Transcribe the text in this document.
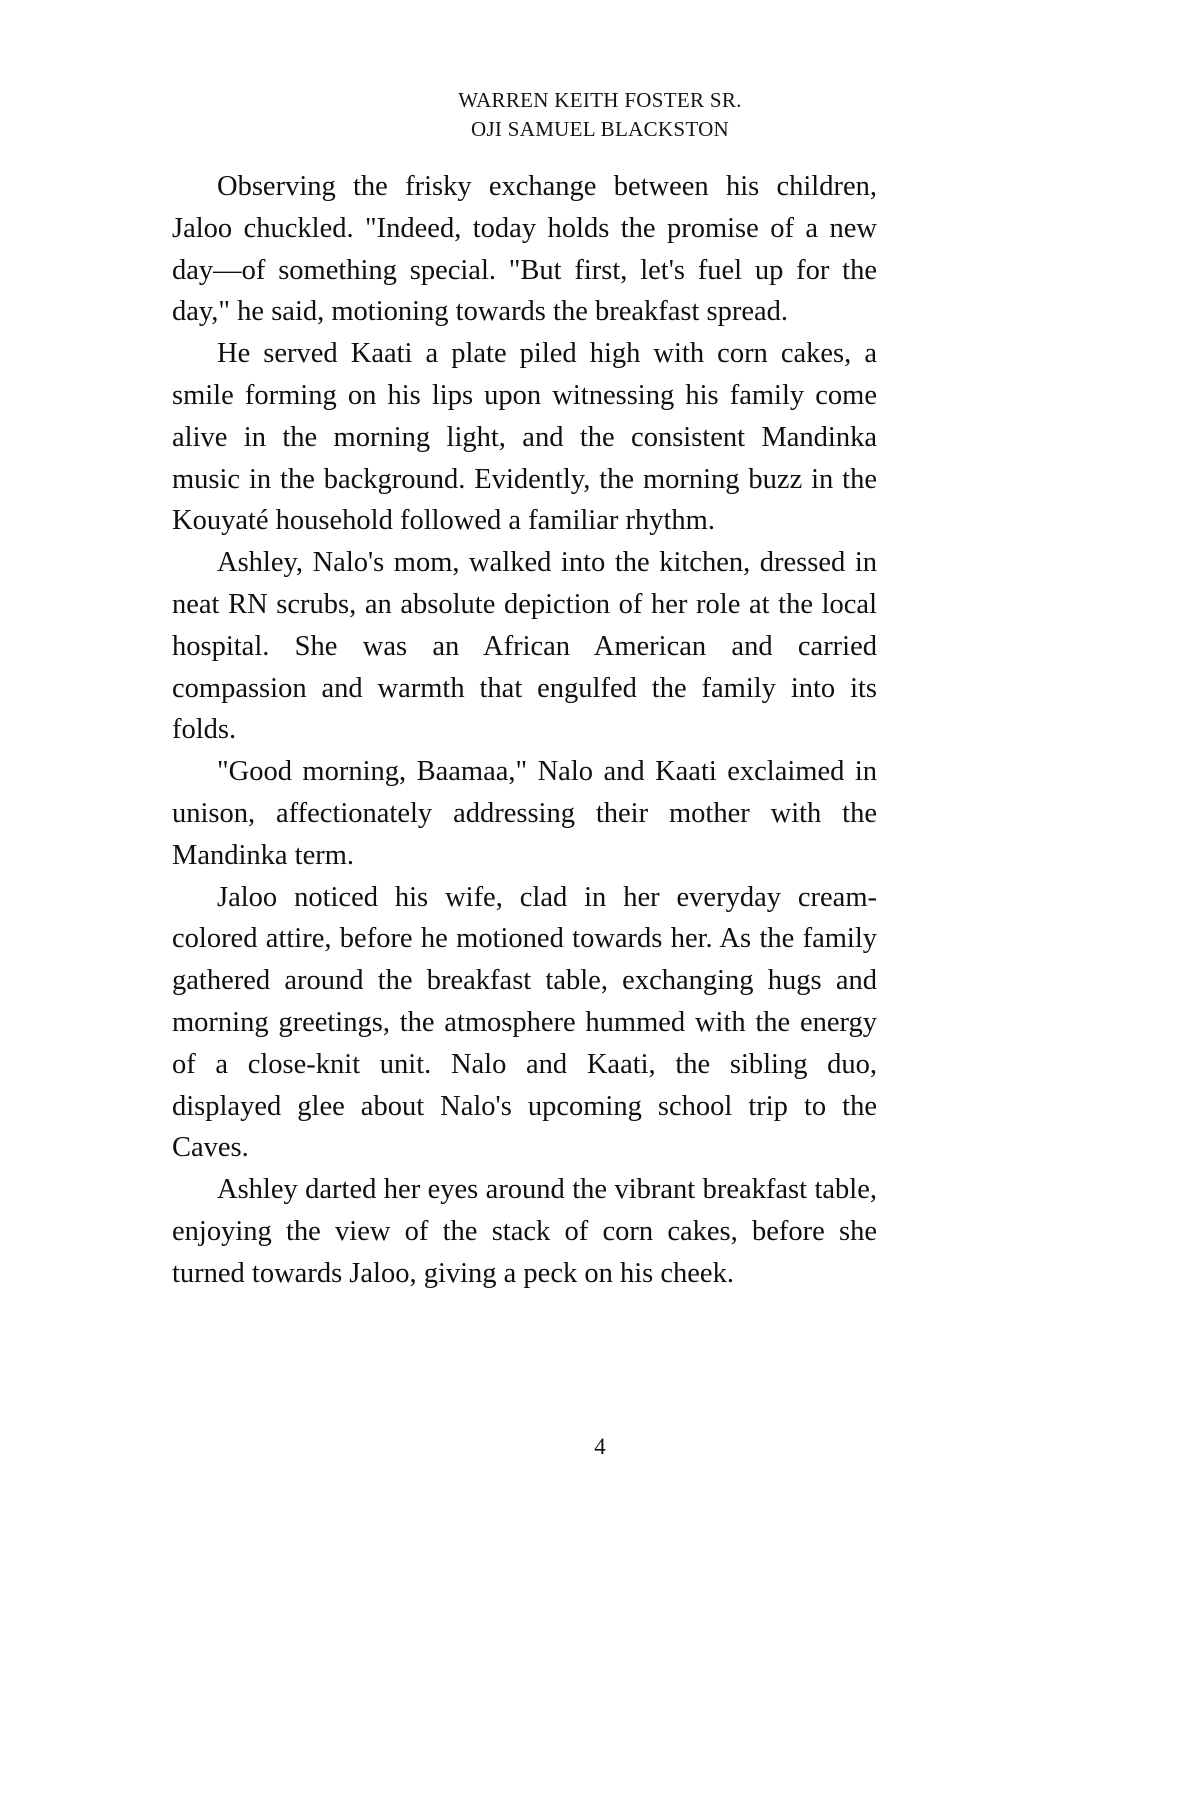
WARREN KEITH FOSTER SR.
OJI SAMUEL BLACKSTON

Observing the frisky exchange between his children, Jaloo chuckled. "Indeed, today holds the promise of a new day—of something special. "But first, let's fuel up for the day," he said, motioning towards the breakfast spread.

He served Kaati a plate piled high with corn cakes, a smile forming on his lips upon witnessing his family come alive in the morning light, and the consistent Mandinka music in the background. Evidently, the morning buzz in the Kouyaté household followed a familiar rhythm.

Ashley, Nalo's mom, walked into the kitchen, dressed in neat RN scrubs, an absolute depiction of her role at the local hospital. She was an African American and carried compassion and warmth that engulfed the family into its folds.

"Good morning, Baamaa," Nalo and Kaati exclaimed in unison, affectionately addressing their mother with the Mandinka term.

Jaloo noticed his wife, clad in her everyday cream-colored attire, before he motioned towards her. As the family gathered around the breakfast table, exchanging hugs and morning greetings, the atmosphere hummed with the energy of a close-knit unit. Nalo and Kaati, the sibling duo, displayed glee about Nalo's upcoming school trip to the Caves.

Ashley darted her eyes around the vibrant breakfast table, enjoying the view of the stack of corn cakes, before she turned towards Jaloo, giving a peck on his cheek.

4
